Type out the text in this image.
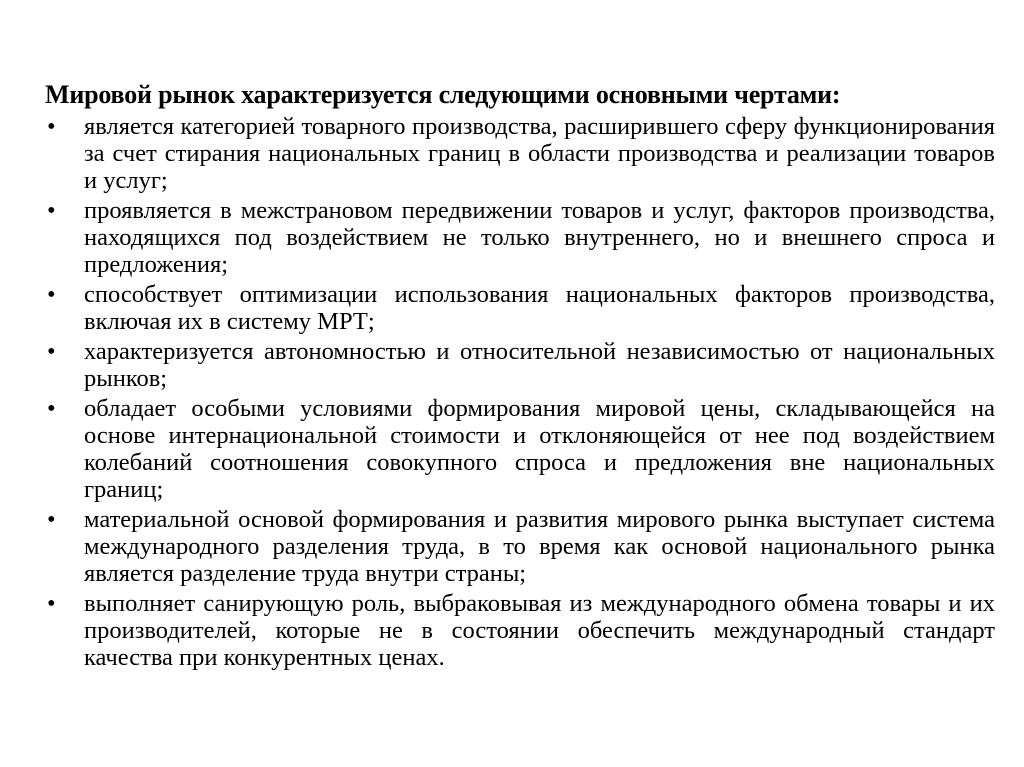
Мировой рынок характеризуется следующими основными чертами:

• является категорией товарного производства, расширившего сферу функционирования за счет стирания национальных границ в области производства и реализации товаров и услуг;
• проявляется в межстрановом передвижении товаров и услуг, факторов производства, находящихся под воздействием не только внутреннего, но и внешнего спроса и предложения;
• способствует оптимизации использования национальных факторов производства, включая их в систему МРТ;
• характеризуется автономностью и относительной независимостью от национальных рынков;
• обладает особыми условиями формирования мировой цены, складывающейся на основе интернациональной стоимости и отклоняющейся от нее под воздействием колебаний соотношения совокупного спроса и предложения вне национальных границ;
• материальной основой формирования и развития мирового рынка выступает система международного разделения труда, в то время как основой национального рынка является разделение труда внутри страны;
• выполняет санирующую роль, выбраковывая из международного обмена товары и их производителей, которые не в состоянии обеспечить международный стандарт качества при конкурентных ценах.
